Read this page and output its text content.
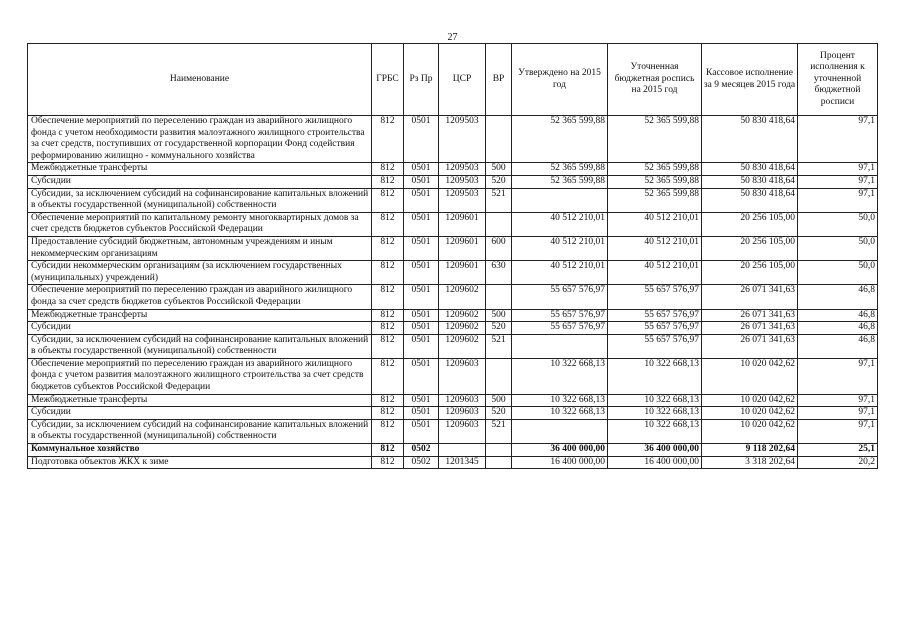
27
Наименование	ГРБС	Рз Пр	ЦСР	ВР	Утверждено на 2015 год	Уточненная бюджетная роспись на 2015 год	Кассовое исполнение за 9 месяцев 2015 года	Процент исполнения к уточненной бюджетной росписи
Обеспечение мероприятий по переселению граждан из аварийного жилищного фонда с учетом необходимости развития малоэтажного жилищного строительства за счет средств, поступивших от государственной корпорации Фонд содействия реформированию жилищно - коммунального хозяйства	812	0501	1209503		52 365 599,88	52 365 599,88	50 830 418,64	97,1
Межбюджетные трансферты	812	0501	1209503	500	52 365 599,88	52 365 599,88	50 830 418,64	97,1
Субсидии	812	0501	1209503	520	52 365 599,88	52 365 599,88	50 830 418,64	97,1
Субсидии, за исключением субсидий на софинансирование капитальных вложений в объекты государственной (муниципальной) собственности	812	0501	1209503	521		52 365 599,88	50 830 418,64	97,1
Обеспечение мероприятий по капитальному ремонту многоквартирных домов за счет средств бюджетов субъектов Российской Федерации	812	0501	1209601		40 512 210,01	40 512 210,01	20 256 105,00	50,0
Предоставление субсидий бюджетным, автономным учреждениям и иным некоммерческим организациям	812	0501	1209601	600	40 512 210,01	40 512 210,01	20 256 105,00	50,0
Субсидии некоммерческим организациям (за исключением государственных (муниципальных) учреждений)	812	0501	1209601	630	40 512 210,01	40 512 210,01	20 256 105,00	50,0
Обеспечение мероприятий по переселению граждан из аварийного жилищного фонда за счет средств бюджетов субъектов Российской Федерации	812	0501	1209602		55 657 576,97	55 657 576,97	26 071 341,63	46,8
Межбюджетные трансферты	812	0501	1209602	500	55 657 576,97	55 657 576,97	26 071 341,63	46,8
Субсидии	812	0501	1209602	520	55 657 576,97	55 657 576,97	26 071 341,63	46,8
Субсидии, за исключением субсидий на софинансирование капитальных вложений в объекты государственной (муниципальной) собственности	812	0501	1209602	521		55 657 576,97	26 071 341,63	46,8
Обеспечение мероприятий по переселению граждан из аварийного жилищного фонда с учетом развития малоэтажного жилищного строительства за счет средств бюджетов субъектов Российской Федерации	812	0501	1209603		10 322 668,13	10 322 668,13	10 020 042,62	97,1
Межбюджетные трансферты	812	0501	1209603	500	10 322 668,13	10 322 668,13	10 020 042,62	97,1
Субсидии	812	0501	1209603	520	10 322 668,13	10 322 668,13	10 020 042,62	97,1
Субсидии, за исключением субсидий на софинансирование капитальных вложений в объекты государственной (муниципальной) собственности	812	0501	1209603	521		10 322 668,13	10 020 042,62	97,1
Коммунальное хозяйство	812	0502			36 400 000,00	36 400 000,00	9 118 202,64	25,1
Подготовка объектов ЖКХ к зиме	812	0502	1201345		16 400 000,00	16 400 000,00	3 318 202,64	20,2
